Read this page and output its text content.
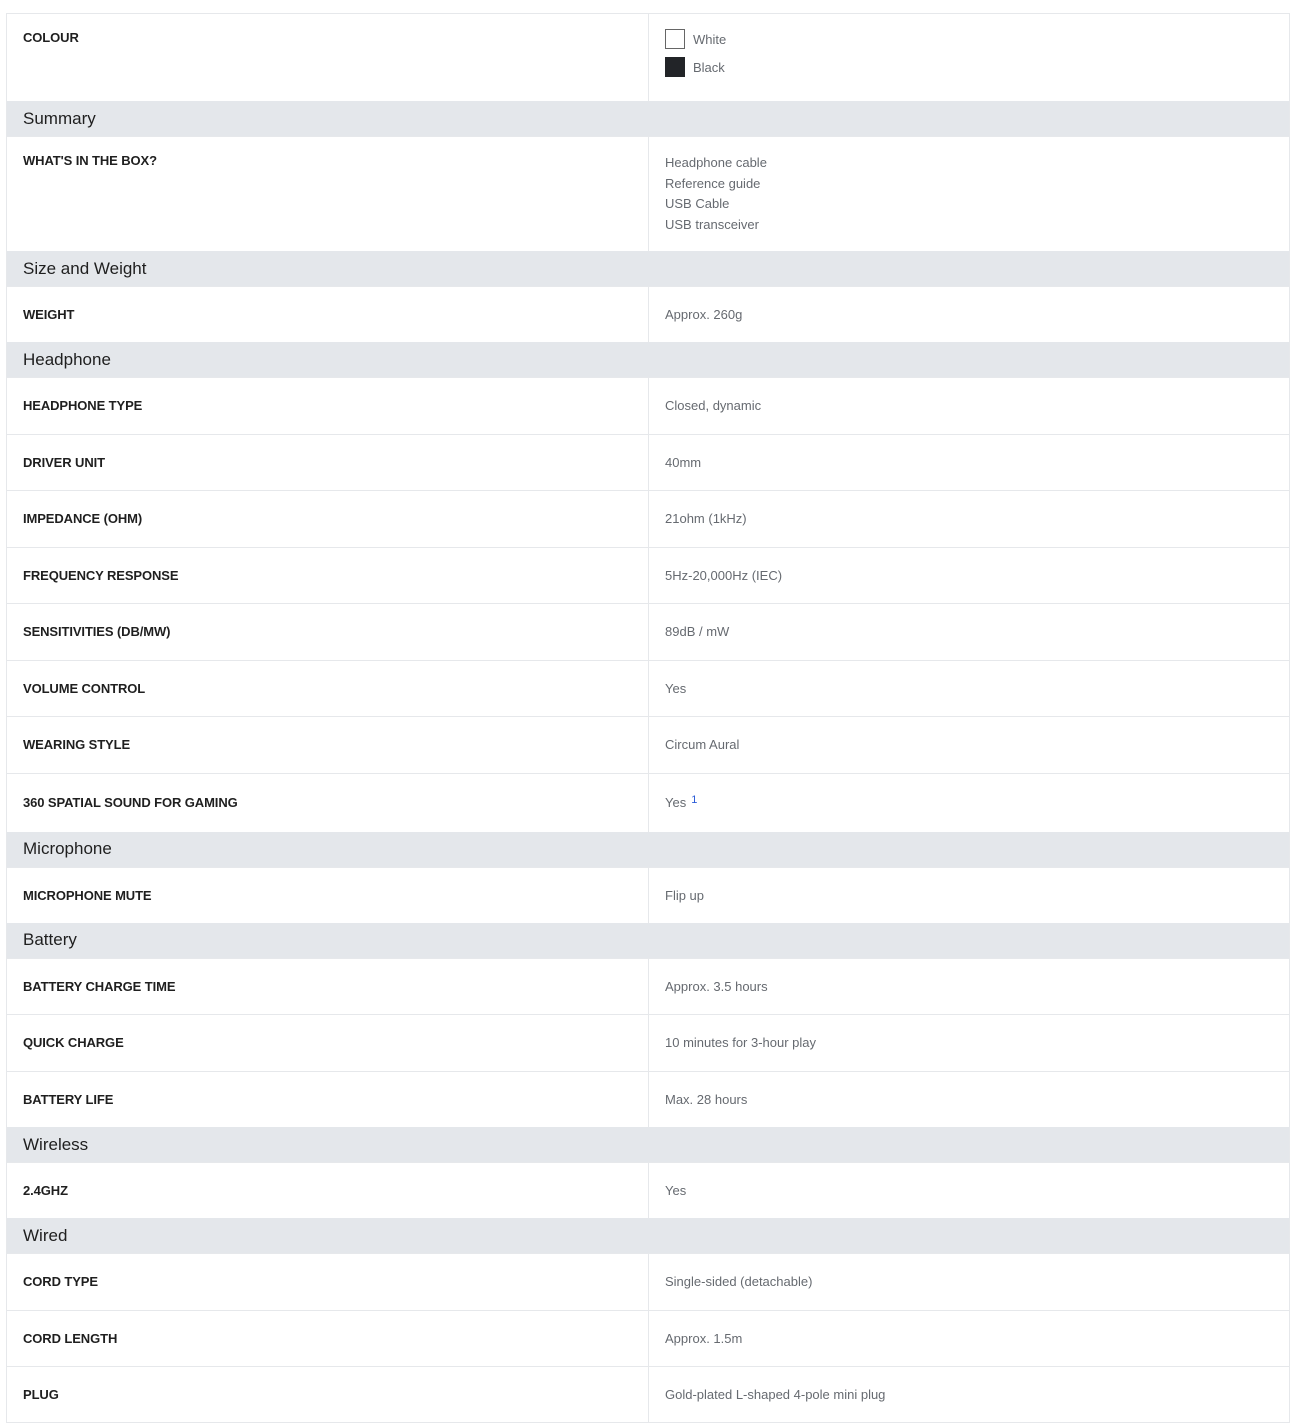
COLOUR	White
Black
Summary
WHAT'S IN THE BOX?	Headphone cable
Reference guide
USB Cable
USB transceiver
Size and Weight
WEIGHT	Approx. 260g
Headphone
HEADPHONE TYPE	Closed, dynamic
DRIVER UNIT	40mm
IMPEDANCE (OHM)	21ohm (1kHz)
FREQUENCY RESPONSE	5Hz-20,000Hz (IEC)
SENSITIVITIES (DB/MW)	89dB / mW
VOLUME CONTROL	Yes
WEARING STYLE	Circum Aural
360 SPATIAL SOUND FOR GAMING	Yes $^1$
Microphone
MICROPHONE MUTE	Flip up
Battery
BATTERY CHARGE TIME	Approx. 3.5 hours
QUICK CHARGE	10 minutes for 3-hour play
BATTERY LIFE	Max. 28 hours
Wireless
2.4GHZ	Yes
Wired
CORD TYPE	Single-sided (detachable)
CORD LENGTH	Approx. 1.5m
PLUG	Gold-plated L-shaped 4-pole mini plug
